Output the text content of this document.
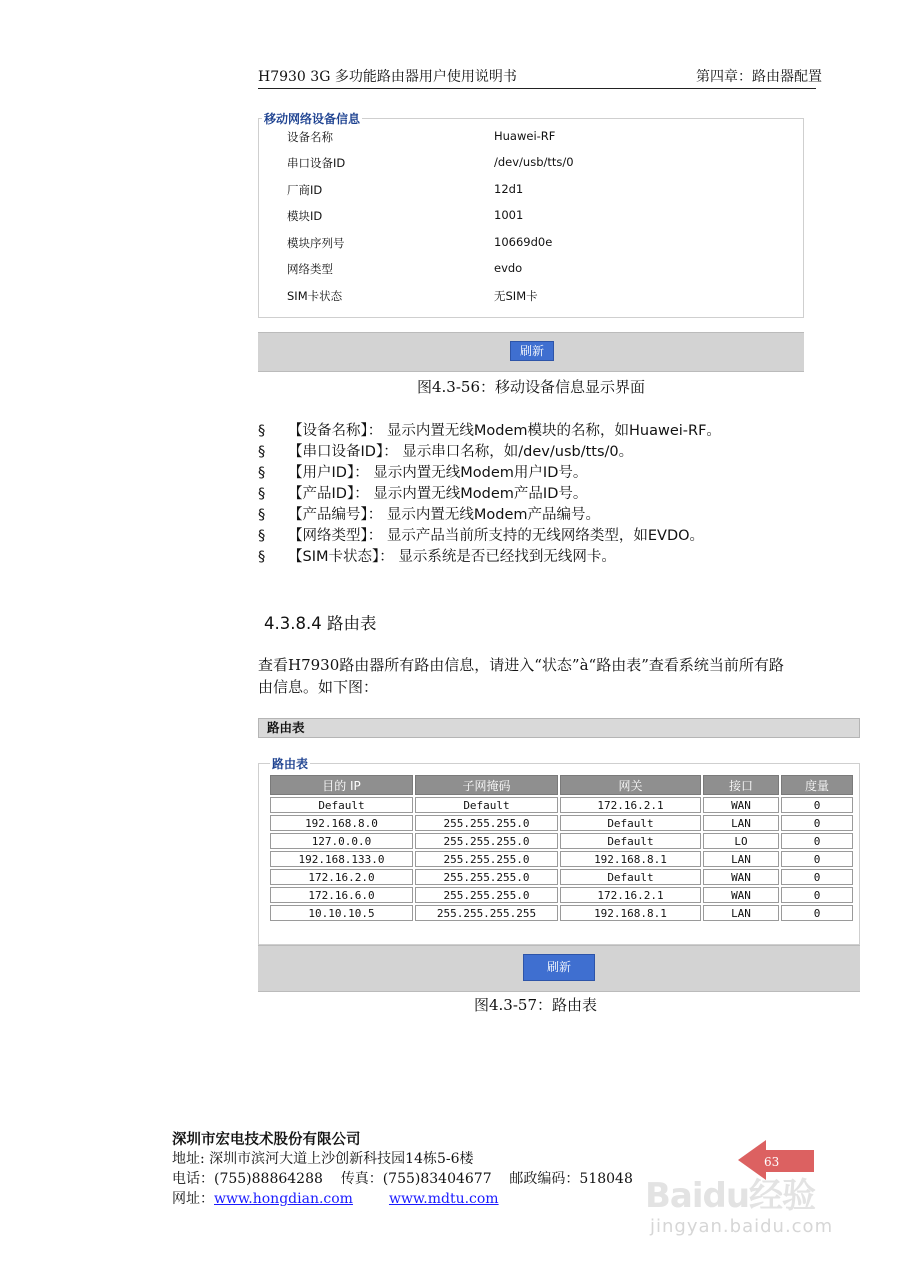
H7930 3G 多功能路由器用户使用说明书	第四章：路由器配置
移动网络设备信息
设备名称	Huawei-RF
串口设备ID	/dev/usb/tts/0
厂商ID	12d1
模块ID	1001
模块序列号	10669d0e
网络类型	evdo
SIM卡状态	无SIM卡
刷新
图4.3-56：移动设备信息显示界面
§ 【设备名称】： 显示内置无线Modem模块的名称，如Huawei-RF。
§ 【串口设备ID】： 显示串口名称，如/dev/usb/tts/0。
§ 【用户ID】： 显示内置无线Modem用户ID号。
§ 【产品ID】： 显示内置无线Modem产品ID号。
§ 【产品编号】： 显示内置无线Modem产品编号。
§ 【网络类型】： 显示产品当前所支持的无线网络类型，如EVDO。
§ 【SIM卡状态】： 显示系统是否已经找到无线网卡。
4.3.8.4 路由表
查看H7930路由器所有路由信息，请进入“状态”à“路由表”查看系统当前所有路
由信息。如下图：
路由表
路由表
目的 IP	子网掩码	网关	接口	度量
Default	Default	172.16.2.1	WAN	0
192.168.8.0	255.255.255.0	Default	LAN	0
127.0.0.0	255.255.255.0	Default	LO	0
192.168.133.0	255.255.255.0	192.168.8.1	LAN	0
172.16.2.0	255.255.255.0	Default	WAN	0
172.16.6.0	255.255.255.0	172.16.2.1	WAN	0
10.10.10.5	255.255.255.255	192.168.8.1	LAN	0
刷新
图4.3-57：路由表
深圳市宏电技术股份有限公司
地址: 深圳市滨河大道上沙创新科技园14栋5-6楼
电话：(755)88864288    传真：(755)83404677    邮政编码：518048
网址：www.hongdian.com	www.mdtu.com
63
Baidu经验
jingyan.baidu.com
